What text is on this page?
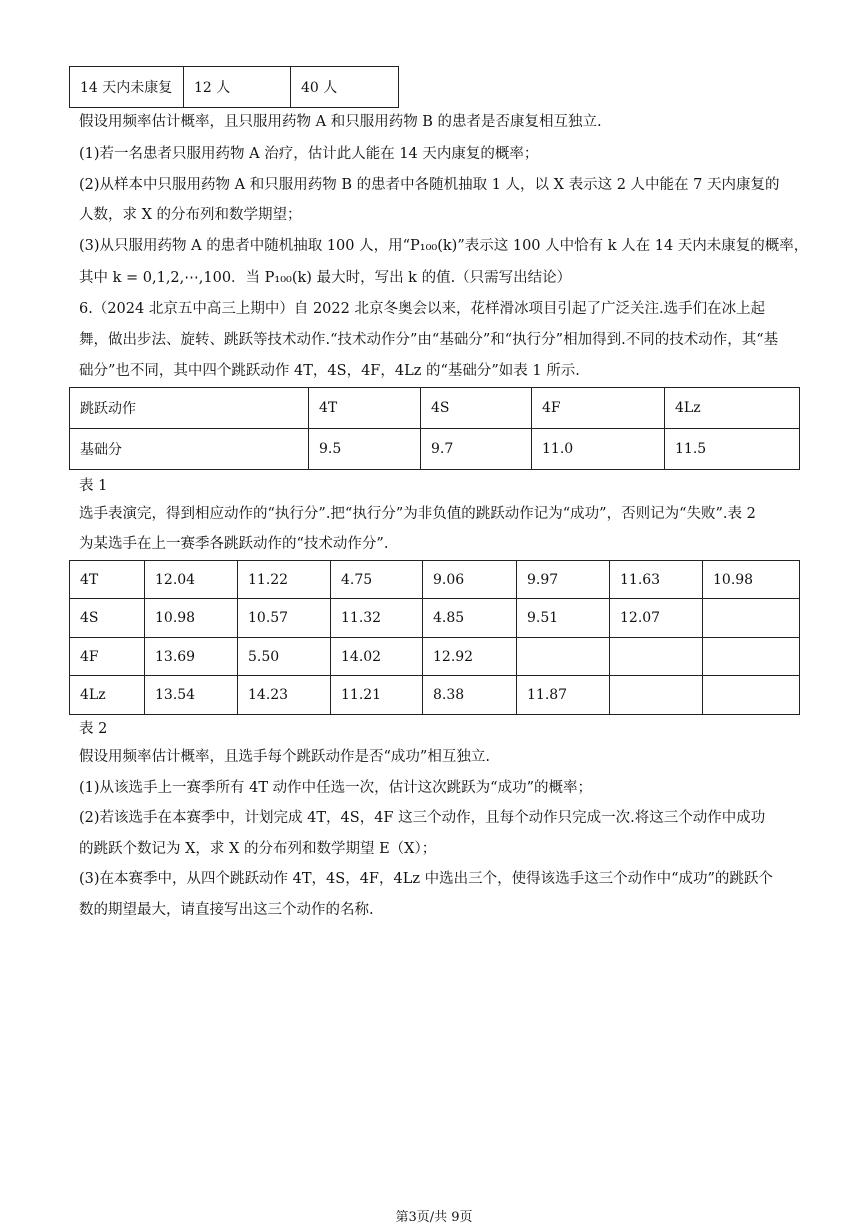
14 天内未康复	12 人	40 人
假设用频率估计概率，且只服用药物 A 和只服用药物 B 的患者是否康复相互独立.
(1)若一名患者只服用药物 A 治疗，估计此人能在 14 天内康复的概率；
(2)从样本中只服用药物 A 和只服用药物 B 的患者中各随机抽取 1 人，以 X 表示这 2 人中能在 7 天内康复的
人数，求 X 的分布列和数学期望；
(3)从只服用药物 A 的患者中随机抽取 100 人，用“P₁₀₀(k)”表示这 100 人中恰有 k 人在 14 天内未康复的概率，
其中 k = 0,1,2,⋯,100．当 P₁₀₀(k) 最大时，写出 k 的值.（只需写出结论）
6.（2024 北京五中高三上期中）自 2022 北京冬奥会以来，花样滑冰项目引起了广泛关注.选手们在冰上起
舞，做出步法、旋转、跳跃等技术动作.“技术动作分”由“基础分”和“执行分”相加得到.不同的技术动作，其“基
础分”也不同，其中四个跳跃动作 4T，4S，4F，4Lz 的“基础分”如表 1 所示.
跳跃动作	4T	4S	4F	4Lz
基础分	9.5	9.7	11.0	11.5
表 1
选手表演完，得到相应动作的“执行分”.把“执行分”为非负值的跳跃动作记为“成功”，否则记为“失败”.表 2
为某选手在上一赛季各跳跃动作的“技术动作分”.
4T	12.04	11.22	4.75	9.06	9.97	11.63	10.98
4S	10.98	10.57	11.32	4.85	9.51	12.07	
4F	13.69	5.50	14.02	12.92			
4Lz	13.54	14.23	11.21	8.38	11.87		
表 2
假设用频率估计概率，且选手每个跳跃动作是否“成功”相互独立.
(1)从该选手上一赛季所有 4T 动作中任选一次，估计这次跳跃为“成功”的概率；
(2)若该选手在本赛季中，计划完成 4T，4S，4F 这三个动作，且每个动作只完成一次.将这三个动作中成功
的跳跃个数记为 X，求 X 的分布列和数学期望 E（X）；
(3)在本赛季中，从四个跳跃动作 4T，4S，4F，4Lz 中选出三个，使得该选手这三个动作中“成功”的跳跃个
数的期望最大，请直接写出这三个动作的名称.
第3页/共 9页
